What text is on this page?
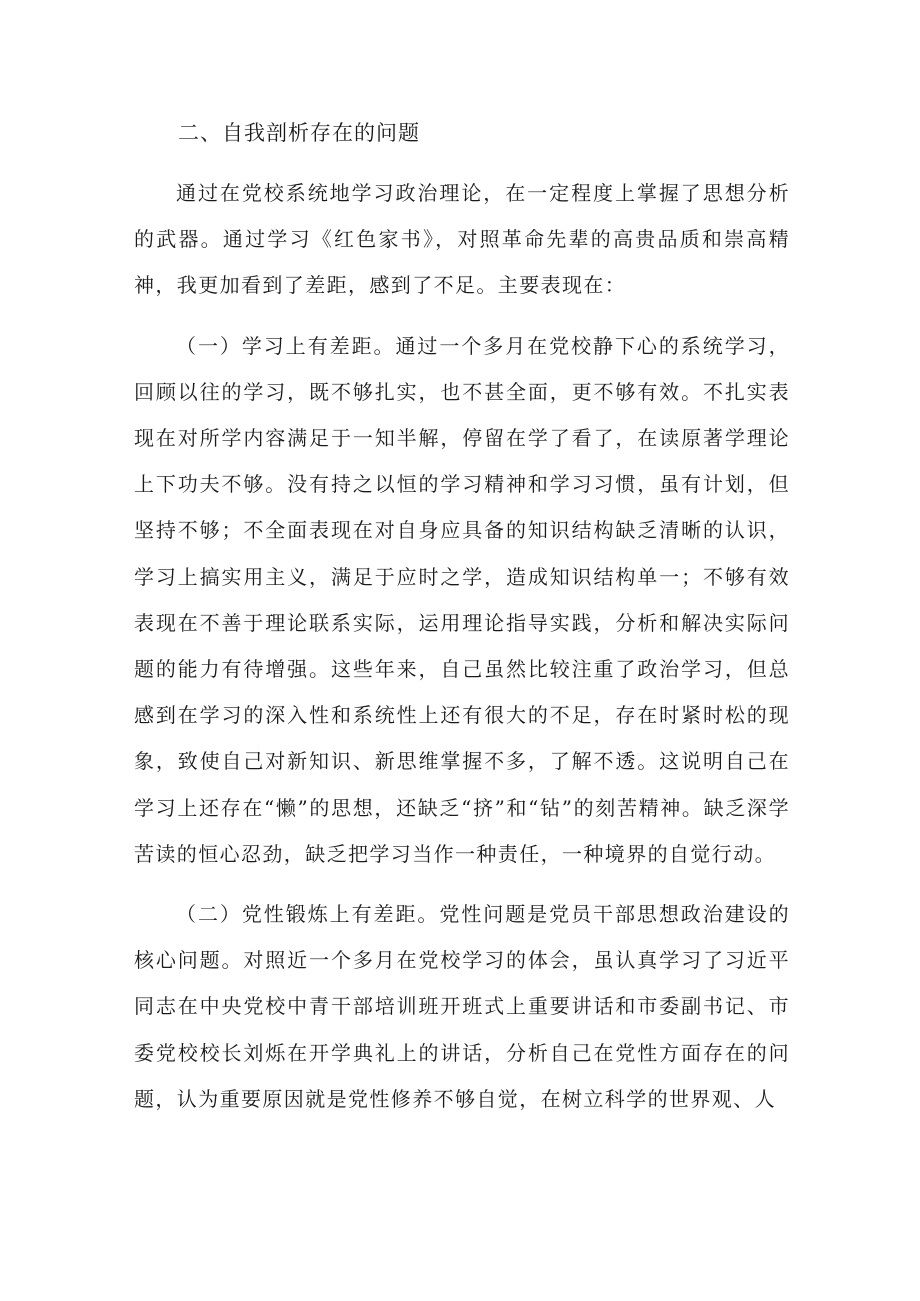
二、自我剖析存在的问题

通过在党校系统地学习政治理论，在一定程度上掌握了思想分析的武器。通过学习《红色家书》，对照革命先辈的高贵品质和崇高精神，我更加看到了差距，感到了不足。主要表现在：

（一）学习上有差距。通过一个多月在党校静下心的系统学习，回顾以往的学习，既不够扎实，也不甚全面，更不够有效。不扎实表现在对所学内容满足于一知半解，停留在学了看了，在读原著学理论上下功夫不够。没有持之以恒的学习精神和学习习惯，虽有计划，但坚持不够；不全面表现在对自身应具备的知识结构缺乏清晰的认识，学习上搞实用主义，满足于应时之学，造成知识结构单一；不够有效表现在不善于理论联系实际，运用理论指导实践，分析和解决实际问题的能力有待增强。这些年来，自己虽然比较注重了政治学习，但总感到在学习的深入性和系统性上还有很大的不足，存在时紧时松的现象，致使自己对新知识、新思维掌握不多，了解不透。这说明自己在学习上还存在“懒”的思想，还缺乏“挤”和“钻”的刻苦精神。缺乏深学苦读的恒心忍劲，缺乏把学习当作一种责任，一种境界的自觉行动。

（二）党性锻炼上有差距。党性问题是党员干部思想政治建设的核心问题。对照近一个多月在党校学习的体会，虽认真学习了习近平同志在中央党校中青干部培训班开班式上重要讲话和市委副书记、市委党校校长刘烁在开学典礼上的讲话，分析自己在党性方面存在的问题，认为重要原因就是党性修养不够自觉，在树立科学的世界观、人
